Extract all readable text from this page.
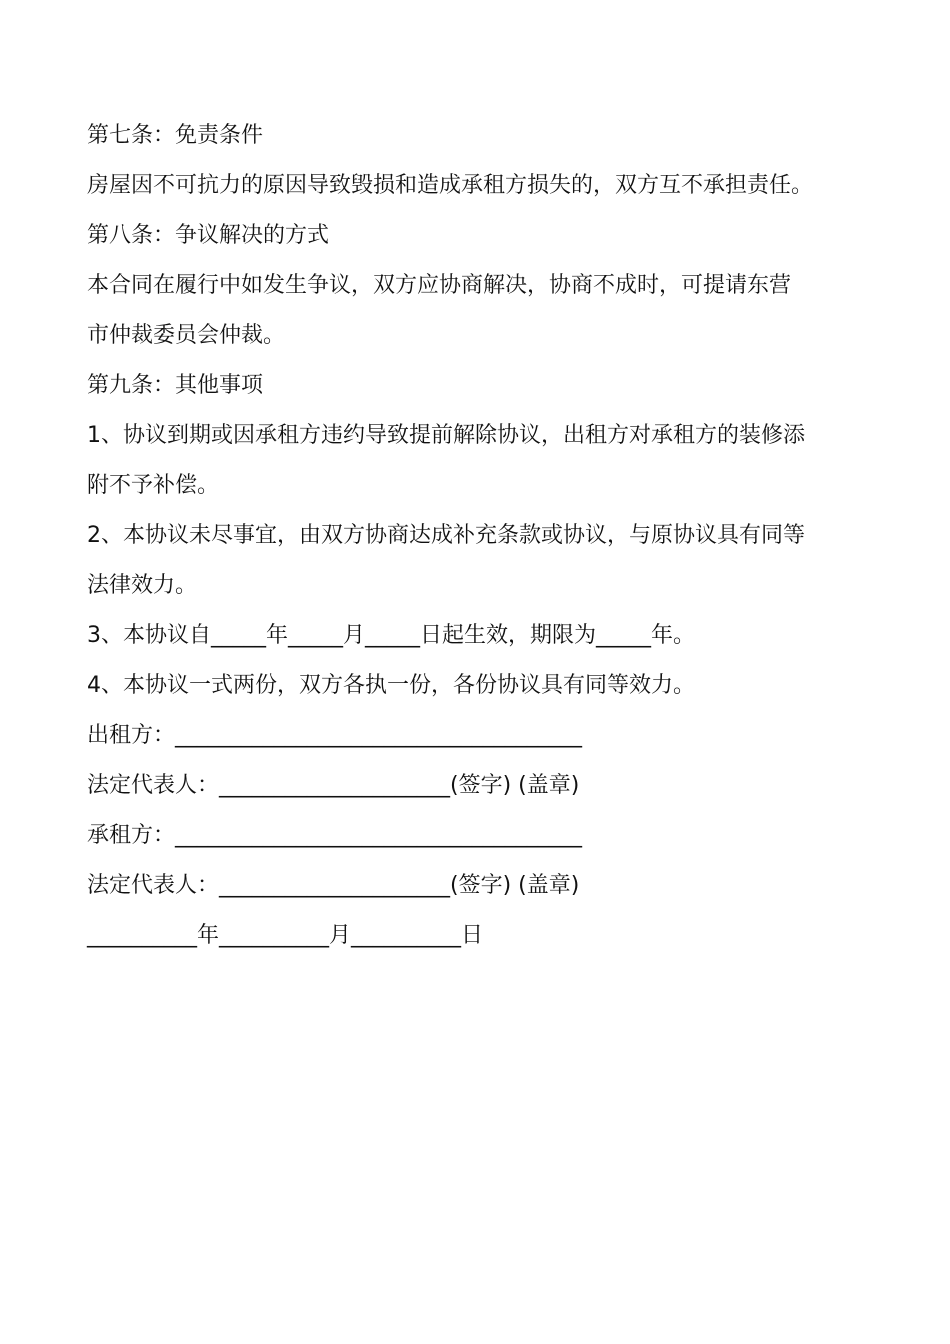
第七条：免责条件
房屋因不可抗力的原因导致毁损和造成承租方损失的，双方互不承担责任。
第八条：争议解决的方式
本合同在履行中如发生争议，双方应协商解决，协商不成时，可提请东营
市仲裁委员会仲裁。
第九条：其他事项
1、协议到期或因承租方违约导致提前解除协议，出租方对承租方的装修添
附不予补偿。
2、本协议未尽事宜，由双方协商达成补充条款或协议，与原协议具有同等
法律效力。
3、本协议自_____年_____月_____日起生效，期限为_____年。
4、本协议一式两份，双方各执一份，各份协议具有同等效力。
出租方：_____________________________________
法定代表人：_____________________(签字) (盖章)
承租方：_____________________________________
法定代表人：_____________________(签字) (盖章)
__________年__________月__________日
